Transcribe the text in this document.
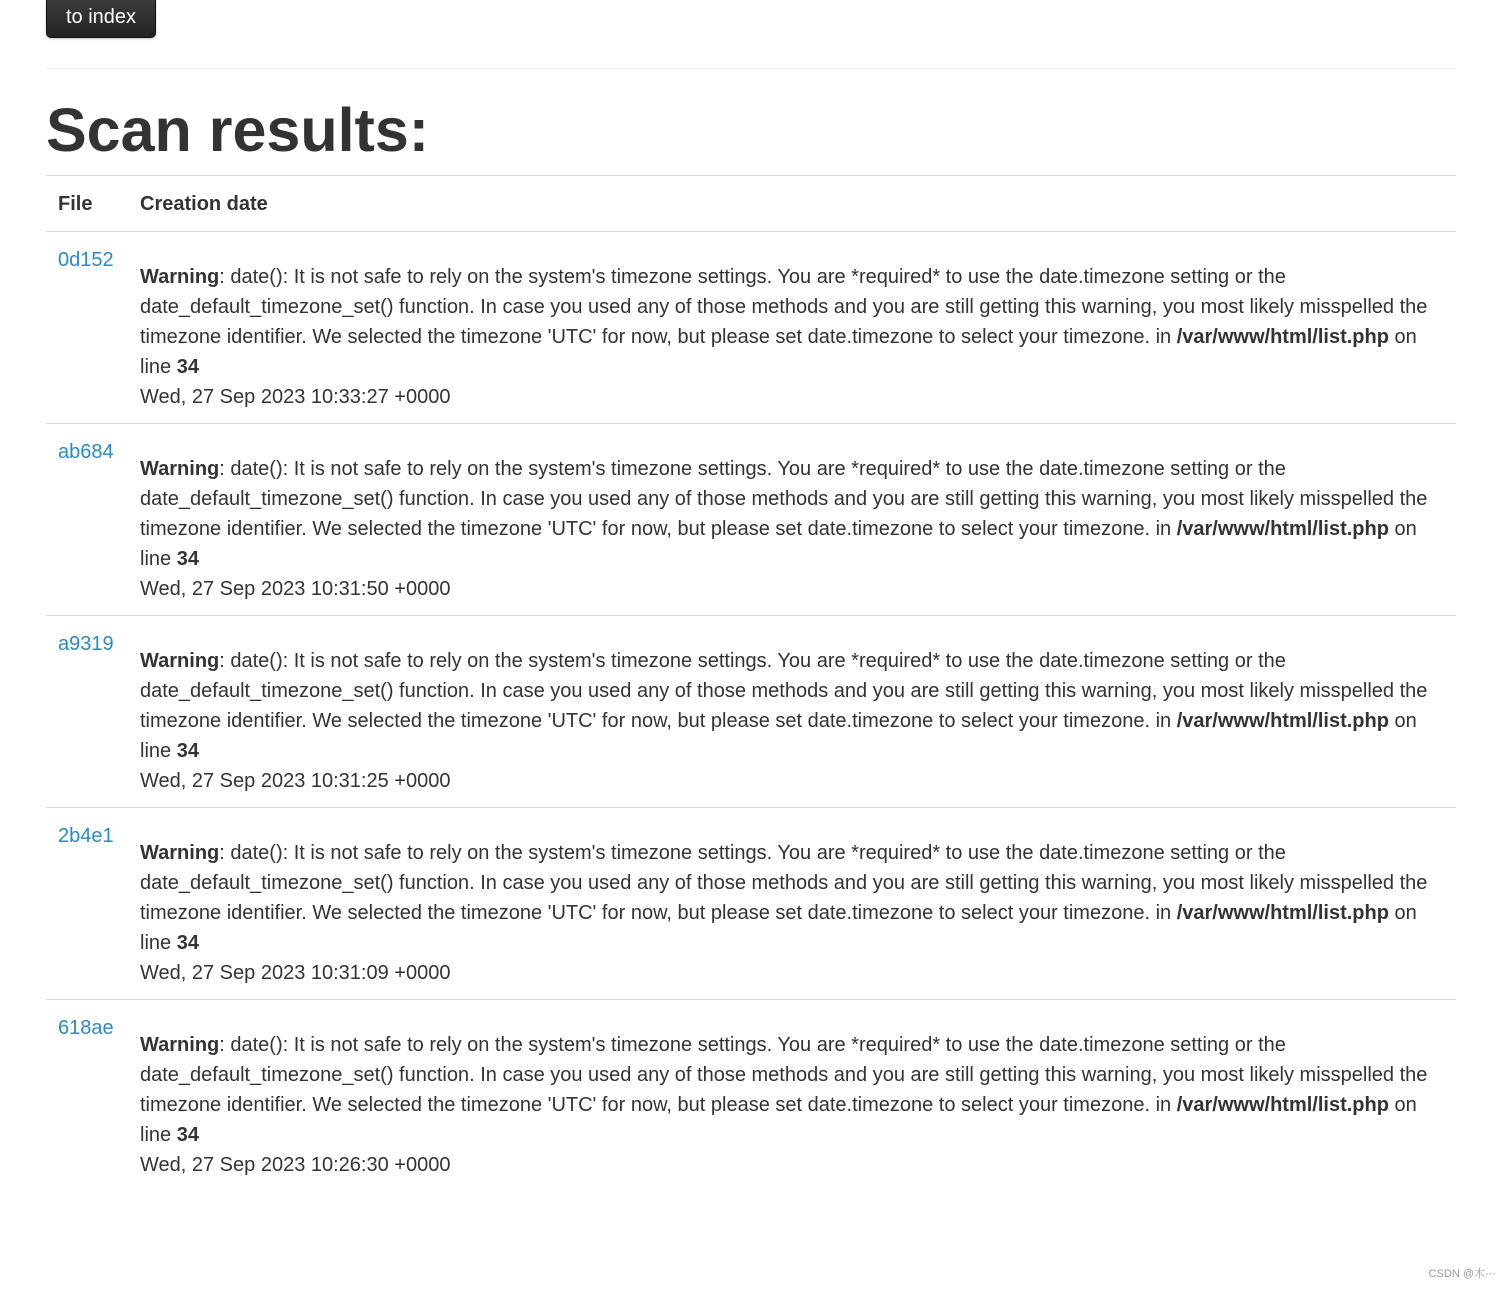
to index
Scan results:
File	Creation date
0d152	Warning: date(): It is not safe to rely on the system's timezone settings. You are *required* to use the date.timezone setting or the date_default_timezone_set() function. In case you used any of those methods and you are still getting this warning, you most likely misspelled the timezone identifier. We selected the timezone 'UTC' for now, but please set date.timezone to select your timezone. in /var/www/html/list.php on line 34
Wed, 27 Sep 2023 10:33:27 +0000
ab684	Warning: date(): It is not safe to rely on the system's timezone settings. You are *required* to use the date.timezone setting or the date_default_timezone_set() function. In case you used any of those methods and you are still getting this warning, you most likely misspelled the timezone identifier. We selected the timezone 'UTC' for now, but please set date.timezone to select your timezone. in /var/www/html/list.php on line 34
Wed, 27 Sep 2023 10:31:50 +0000
a9319	Warning: date(): It is not safe to rely on the system's timezone settings. You are *required* to use the date.timezone setting or the date_default_timezone_set() function. In case you used any of those methods and you are still getting this warning, you most likely misspelled the timezone identifier. We selected the timezone 'UTC' for now, but please set date.timezone to select your timezone. in /var/www/html/list.php on line 34
Wed, 27 Sep 2023 10:31:25 +0000
2b4e1	Warning: date(): It is not safe to rely on the system's timezone settings. You are *required* to use the date.timezone setting or the date_default_timezone_set() function. In case you used any of those methods and you are still getting this warning, you most likely misspelled the timezone identifier. We selected the timezone 'UTC' for now, but please set date.timezone to select your timezone. in /var/www/html/list.php on line 34
Wed, 27 Sep 2023 10:31:09 +0000
618ae	Warning: date(): It is not safe to rely on the system's timezone settings. You are *required* to use the date.timezone setting or the date_default_timezone_set() function. In case you used any of those methods and you are still getting this warning, you most likely misspelled the timezone identifier. We selected the timezone 'UTC' for now, but please set date.timezone to select your timezone. in /var/www/html/list.php on line 34
Wed, 27 Sep 2023 10:26:30 +0000
CSDN @木···
